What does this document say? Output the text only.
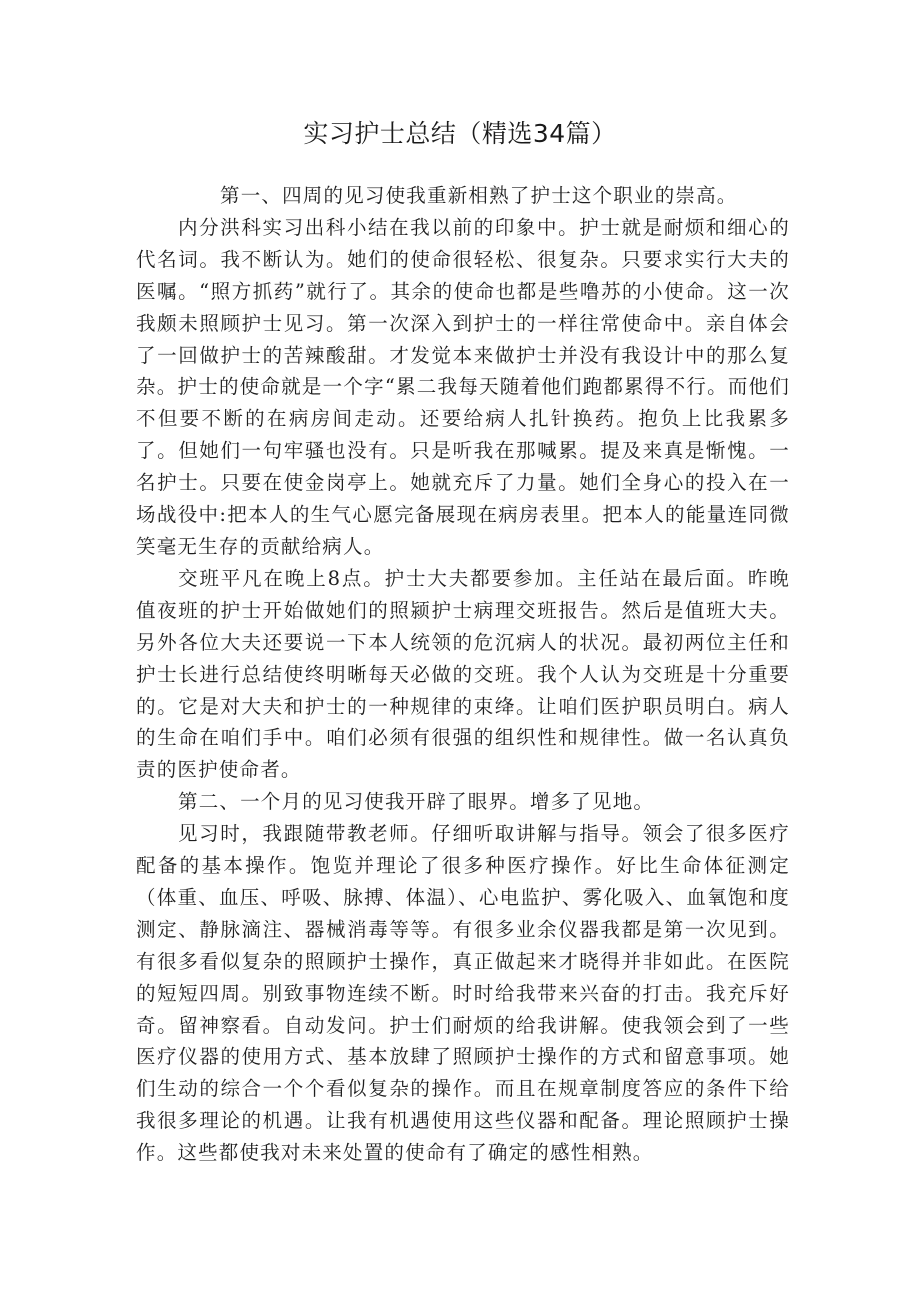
实习护士总结（精选34篇）

第一、四周的见习使我重新相熟了护士这个职业的崇高。

内分洪科实习出科小结在我以前的印象中。护士就是耐烦和细心的代名词。我不断认为。她们的使命很轻松、很复杂。只要求实行大夫的医嘱。“照方抓药”就行了。其余的使命也都是些噜苏的小使命。这一次我颇未照顾护士见习。第一次深入到护士的一样往常使命中。亲自体会了一回做护士的苦辣酸甜。才发觉本来做护士并没有我设计中的那么复杂。护士的使命就是一个字“累二我每天随着他们跑都累得不行。而他们不但要不断的在病房间走动。还要给病人扎针换药。抱负上比我累多了。但她们一句牢骚也没有。只是听我在那喊累。提及来真是惭愧。一名护士。只要在使金岗亭上。她就充斥了力量。她们全身心的投入在一场战役中:把本人的生气心愿完备展现在病房表里。把本人的能量连同微笑毫无生存的贡献给病人。

交班平凡在晚上8点。护士大夫都要参加。主任站在最后面。昨晚值夜班的护士开始做她们的照颍护士病理交班报告。然后是值班大夫。另外各位大夫还要说一下本人统领的危沉病人的状况。最初两位主任和护士长进行总结使终明晰每天必做的交班。我个人认为交班是十分重要的。它是对大夫和护士的一种规律的束绛。让咱们医护职员明白。病人的生命在咱们手中。咱们必须有很强的组织性和规律性。做一名认真负责的医护使命者。

第二、一个月的见习使我开辟了眼界。增多了见地。

见习时，我跟随带教老师。仔细听取讲解与指导。领会了很多医疗配备的基本操作。饱览并理论了很多种医疗操作。好比生命体征测定（体重、血压、呼吸、脉搏、体温）、心电监护、雾化吸入、血氧饱和度测定、静脉滴注、器械消毒等等。有很多业余仪器我都是第一次见到。有很多看似复杂的照顾护士操作，真正做起来才晓得并非如此。在医院的短短四周。别致事物连续不断。时时给我带来兴奋的打击。我充斥好奇。留神察看。自动发问。护士们耐烦的给我讲解。使我领会到了一些医疗仪器的使用方式、基本放肆了照顾护士操作的方式和留意事项。她们生动的综合一个个看似复杂的操作。而且在规章制度答应的条件下给我很多理论的机遇。让我有机遇使用这些仪器和配备。理论照顾护士操作。这些都使我对未来处置的使命有了确定的感性相熟。
